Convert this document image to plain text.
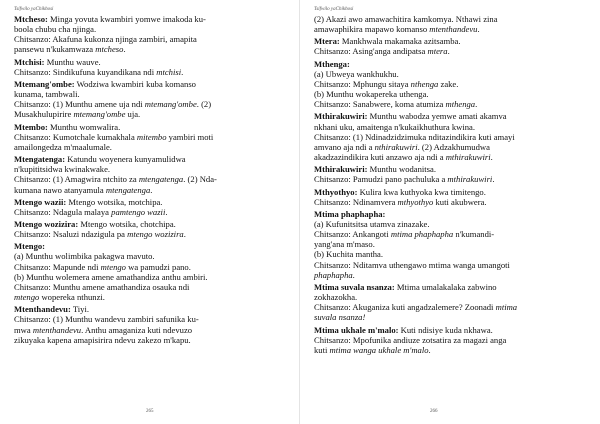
Tsifwilo yaChikhosi
Mtcheso: Minga yovuta kwambiri yomwe imakoda ku-
boola chubu cha njinga.
Chitsanzo: Akafuna kukonza njinga zambiri, amapita
pansewu n'kukamwaza mtcheso.
Mtchisi: Munthu wauve.
Chitsanzo: Sindikufuna kuyandikana ndi mtchisi.
Mtemang'ombe: Wodziwa kwambiri kuba komanso
kunama, tambwali.
Chitsanzo: (1) Munthu amene uja ndi mtemang'ombe. (2)
Musakhulupirire mtemang'ombe uja.
Mtembo: Munthu womwalira.
Chitsanzo: Kumotchale kumakhala mitembo yambiri moti
amailongedza m'maalumale.
Mtengatenga: Katundu woyenera kunyamulidwa
n'kupititsidwa kwinakwake.
Chitsanzo: (1) Amagwira ntchito za mtengatenga. (2) Nda-
kumana nawo atanyamula mtengatenga.
Mtengo wazii: Mtengo wotsika, motchipa.
Chitsanzo: Ndagula malaya pamtengo wazii.
Mtengo wozizira: Mtengo wotsika, chotchipa.
Chitsanzo: Nsaluzi ndazigula pa mtengo wozizira.
Mtengo:
(a) Munthu wolimbika pakagwa mavuto.
Chitsanzo: Mapunde ndi mtengo wa pamudzi pano.
(b) Munthu wolemera amene amathandiza anthu ambiri.
Chitsanzo: Munthu amene amathandiza osauka ndi
mtengo wopereka nthunzi.
Mtenthandevu: Tiyi.
Chitsanzo: (1) Munthu wandevu zambiri safunika ku-
mwa mtenthandevu. Anthu amaganiza kuti ndevuzo
zikuyaka kapena amapisirira ndevu zakezo m'kapu.
Tsifwilo yaChikhosi
(2) Akazi awo amawachitira kamkomya. Nthawi zina
amawaphikira mapawo komanso mtenthandevu.
Mtera: Mankhwala makamaka azitsamba.
Chitsanzo: Asing'anga andipatsa mtera.
Mthenga:
(a) Ubweya wankhukhu.
Chitsanzo: Mphungu sitaya nthenga zake.
(b) Munthu wokapereka uthenga.
Chitsanzo: Sanabwere, koma atumiza mthenga.
Mthirakuwiri: Munthu wabodza yemwe amati akamva
nkhani uku, amaitenga n'kukaikhuthura kwina.
Chitsanzo: (1) Ndinadzidzimuka nditazindikira kuti amayi
amvano aja ndi a nthirakuwiri. (2) Adzakhumudwa
akadzazindikira kuti anzawo aja ndi a mthirakuwiri.
Mthirakuwiri: Munthu wodanitsa.
Chitsanzo: Pamudzi pano pachuluka a mthirakuwiri.
Mthyothyo: Kulira kwa kuthyoka kwa timitengo.
Chitsanzo: Ndinamvera mthyothyo kuti akubwera.
Mtima phaphapha:
(a) Kufunitsitsa utamva zinazake.
Chitsanzo: Ankangoti mtima phaphapha n'kumandi-
yang'ana m'maso.
(b) Kuchita mantha.
Chitsanzo: Nditamva uthengawo mtima wanga umangoti
phaphapha.
Mtima suvala nsanza: Mtima umalakalaka zabwino
zokhazokha.
Chitsanzo: Akuganiza kuti angadzalemere? Zoonadi mtima
suvala nsanza!
Mtima ukhale m'malo: Kuti ndisiye kuda nkhawa.
Chitsanzo: Mpofunika andiuze zotsatira za magazi anga
kuti mtima wanga ukhale m'malo.
265	266
